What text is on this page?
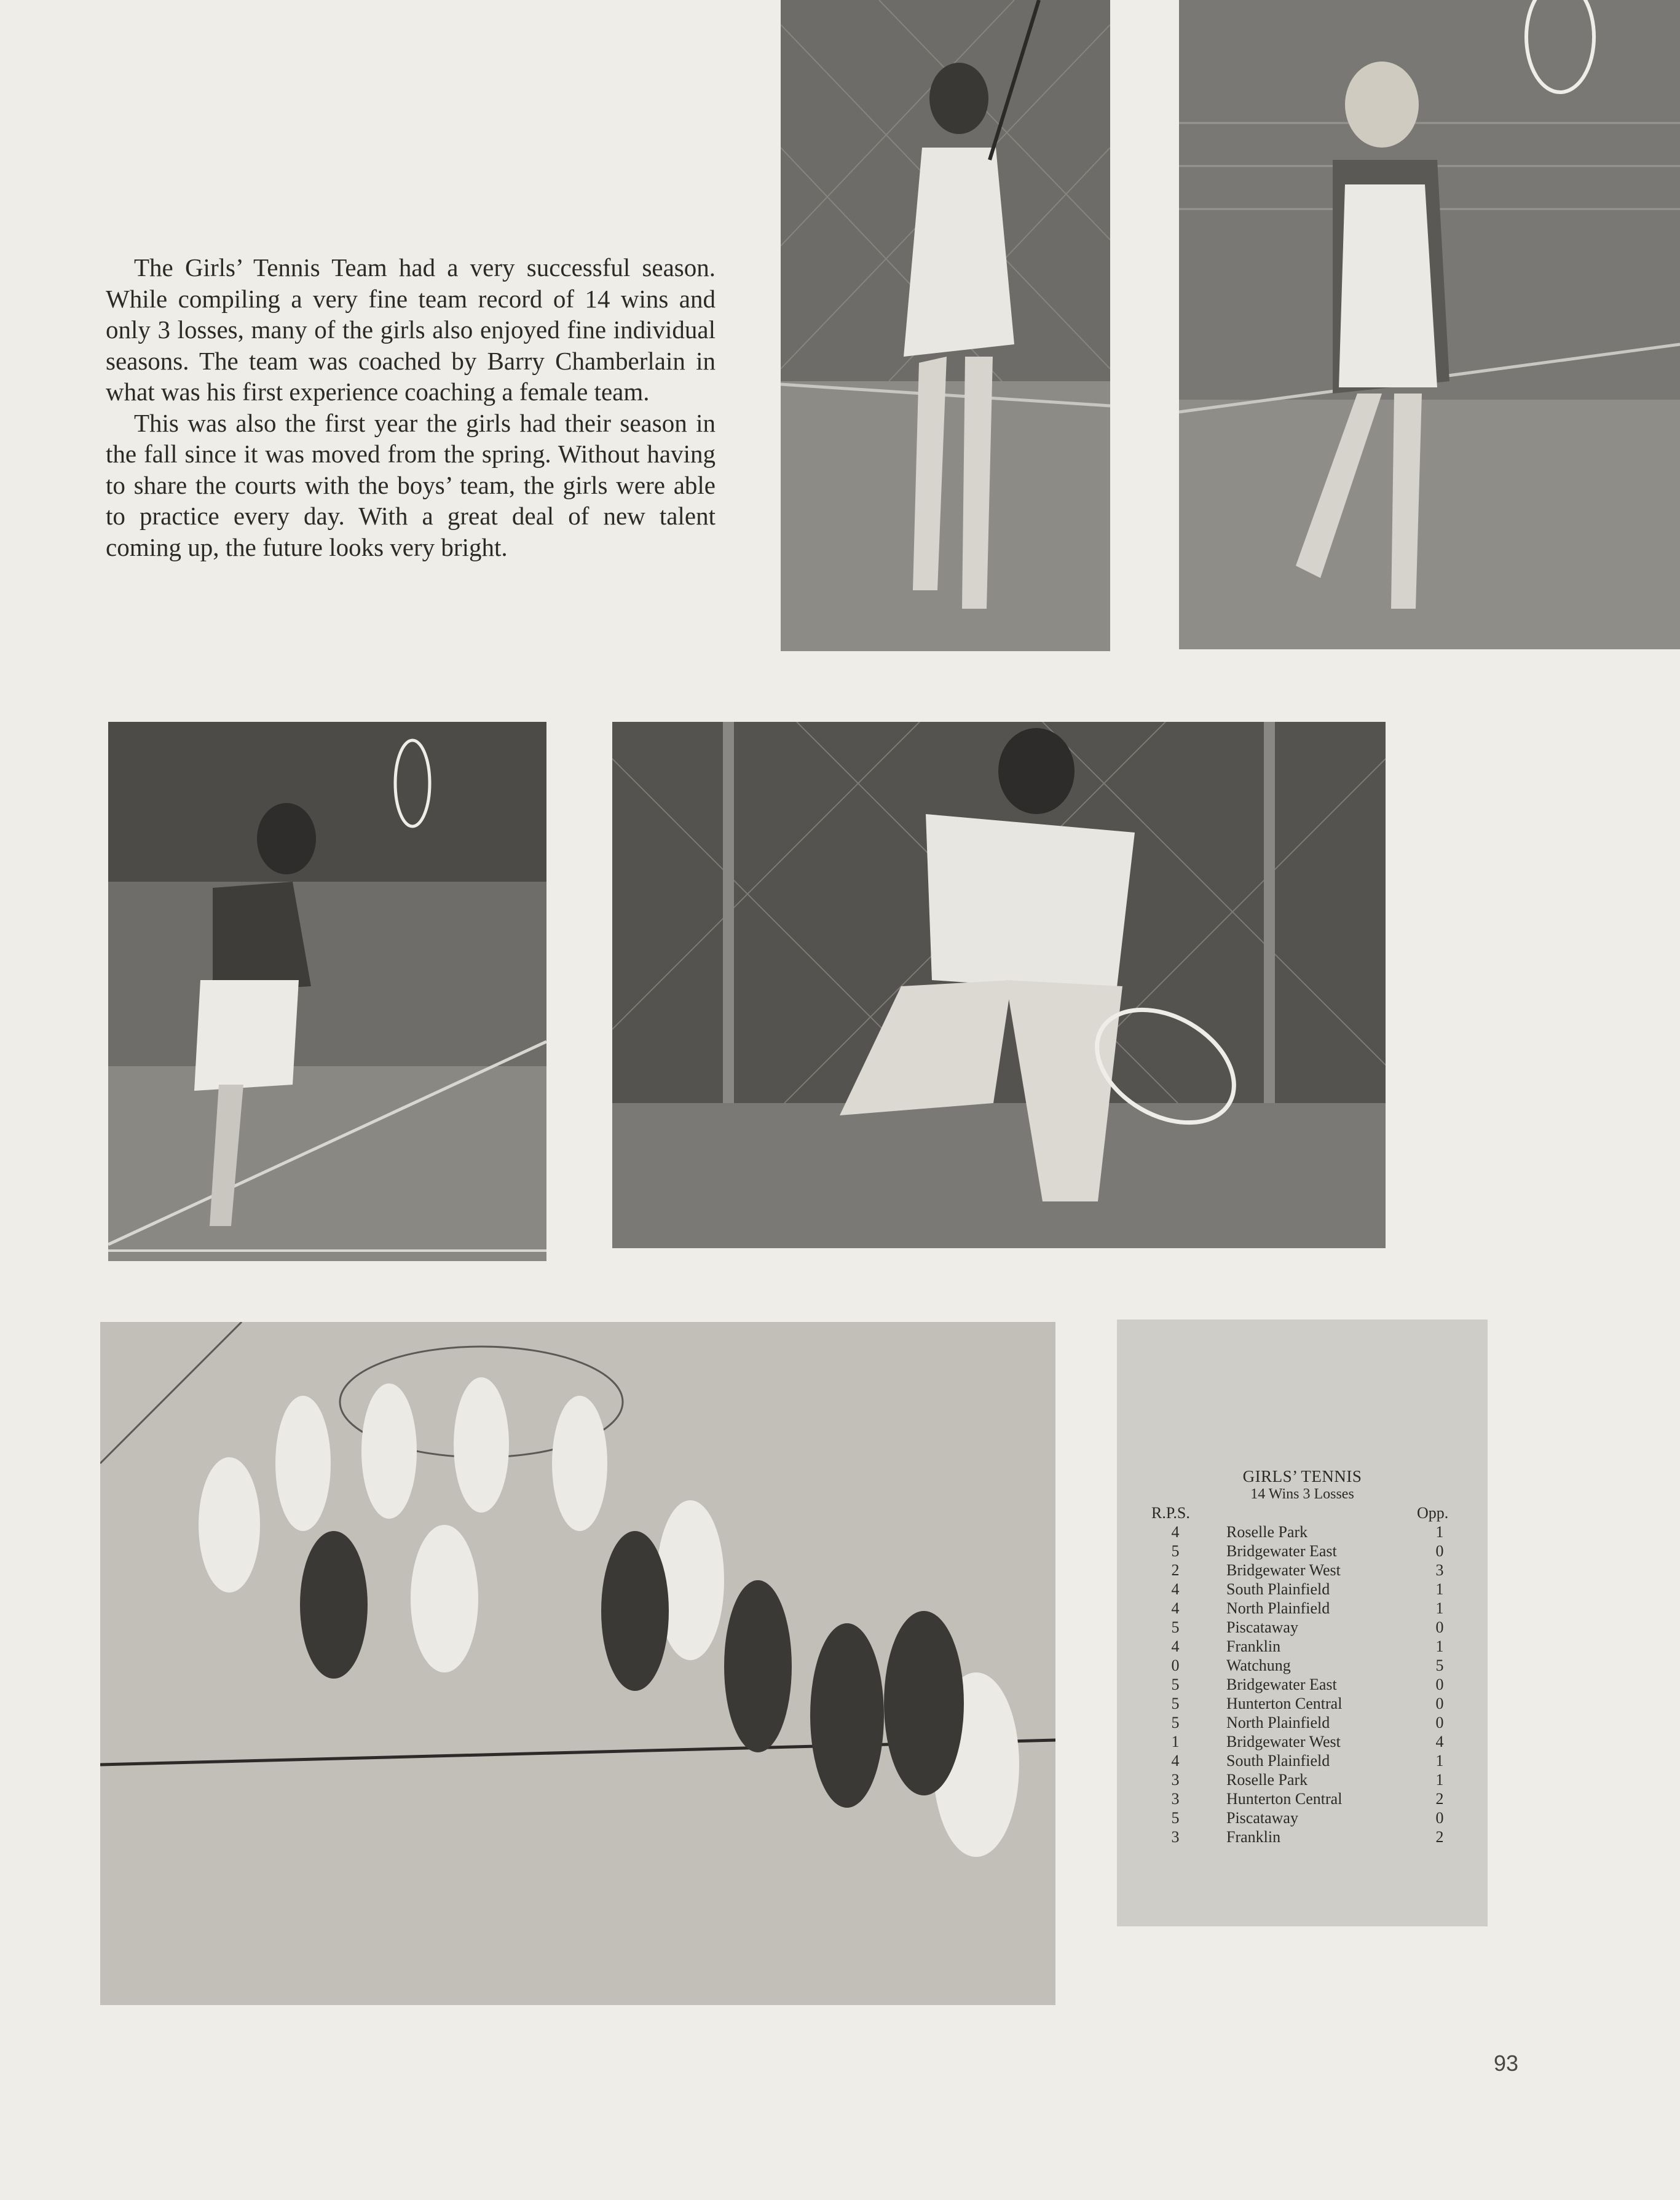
The Girls’ Tennis Team had a very successful season. While compiling a very fine team record of 14 wins and only 3 losses, many of the girls also enjoyed fine individual seasons. The team was coached by Barry Chamberlain in what was his first experience coaching a female team.

This was also the first year the girls had their season in the fall since it was moved from the spring. Without having to share the courts with the boys’ team, the girls were able to practice every day. With a great deal of new talent coming up, the future looks very bright.

GIRLS’ TENNIS
14 Wins 3 Losses
R.P.S.	Opp.
4	Roselle Park	1
5	Bridgewater East	0
2	Bridgewater West	3
4	South Plainfield	1
4	North Plainfield	1
5	Piscataway	0
4	Franklin	1
0	Watchung	5
5	Bridgewater East	0
5	Hunterton Central	0
5	North Plainfield	0
1	Bridgewater West	4
4	South Plainfield	1
3	Roselle Park	1
3	Hunterton Central	2
5	Piscataway	0
3	Franklin	2
93
